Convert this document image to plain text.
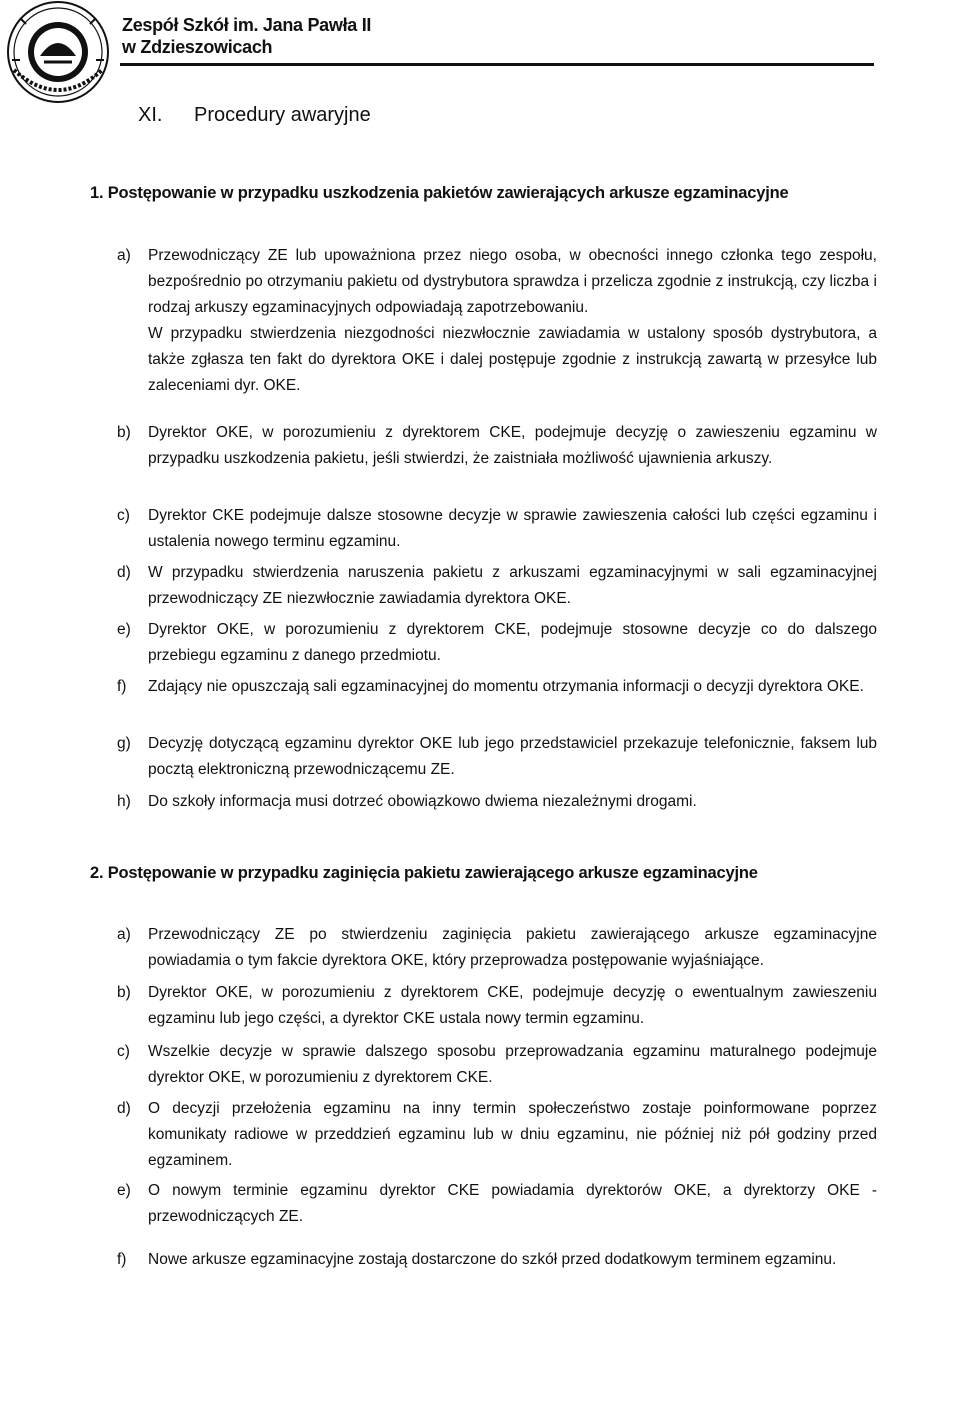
Zespół Szkół im. Jana Pawła II
w Zdzieszowicach
XI. Procedury awaryjne
1. Postępowanie w przypadku uszkodzenia pakietów zawierających arkusze egzaminacyjne
a)	Przewodniczący ZE lub upoważniona przez niego osoba, w obecności innego członka tego zespołu, bezpośrednio po otrzymaniu pakietu od dystrybutora sprawdza i przelicza zgodnie z instrukcją, czy liczba i rodzaj arkuszy egzaminacyjnych odpowiadają zapotrzebowaniu.

W przypadku stwierdzenia niezgodności niezwłocznie zawiadamia w ustalony sposób dystrybutora, a także zgłasza ten fakt do dyrektora OKE i dalej postępuje zgodnie z instrukcją zawartą w przesyłce lub zaleceniami dyr. OKE.

b)	Dyrektor OKE, w porozumieniu z dyrektorem CKE, podejmuje decyzję o zawieszeniu egzaminu w przypadku uszkodzenia pakietu, jeśli stwierdzi, że zaistniała możliwość ujawnienia arkuszy.

c)	Dyrektor CKE podejmuje dalsze stosowne decyzje w sprawie zawieszenia całości lub części egzaminu i ustalenia nowego terminu egzaminu.

d)	W przypadku stwierdzenia naruszenia pakietu z arkuszami egzaminacyjnymi w sali egzaminacyjnej przewodniczący ZE niezwłocznie zawiadamia dyrektora OKE.

e)	Dyrektor OKE, w porozumieniu z dyrektorem CKE, podejmuje stosowne decyzje co do dalszego przebiegu egzaminu z danego przedmiotu.

f)	Zdający nie opuszczają sali egzaminacyjnej do momentu otrzymania informacji o decyzji dyrektora OKE.

g)	Decyzję dotyczącą egzaminu dyrektor OKE lub jego przedstawiciel przekazuje telefonicznie, faksem lub pocztą elektroniczną przewodniczącemu ZE.

h)	Do szkoły informacja musi dotrzeć obowiązkowo dwiema niezależnymi drogami.

2. Postępowanie w przypadku zaginięcia pakietu zawierającego arkusze egzaminacyjne
a)	Przewodniczący ZE po stwierdzeniu zaginięcia pakietu zawierającego arkusze egzaminacyjne powiadamia o tym fakcie dyrektora OKE, który przeprowadza postępowanie wyjaśniające.

b)	Dyrektor OKE, w porozumieniu z dyrektorem CKE, podejmuje decyzję o ewentualnym zawieszeniu egzaminu lub jego części, a dyrektor CKE ustala nowy termin egzaminu.

c)	Wszelkie decyzje w sprawie dalszego sposobu przeprowadzania egzaminu maturalnego podejmuje dyrektor OKE, w porozumieniu z dyrektorem CKE.

d)	O decyzji przełożenia egzaminu na inny termin społeczeństwo zostaje poinformowane poprzez komunikaty radiowe w przeddzień egzaminu lub w dniu egzaminu, nie później niż pół godziny przed egzaminem.

e)	O nowym terminie egzaminu dyrektor CKE powiadamia dyrektorów OKE, a dyrektorzy OKE - przewodniczących ZE.

f)	Nowe arkusze egzaminacyjne zostają dostarczone do szkół przed dodatkowym terminem egzaminu.
